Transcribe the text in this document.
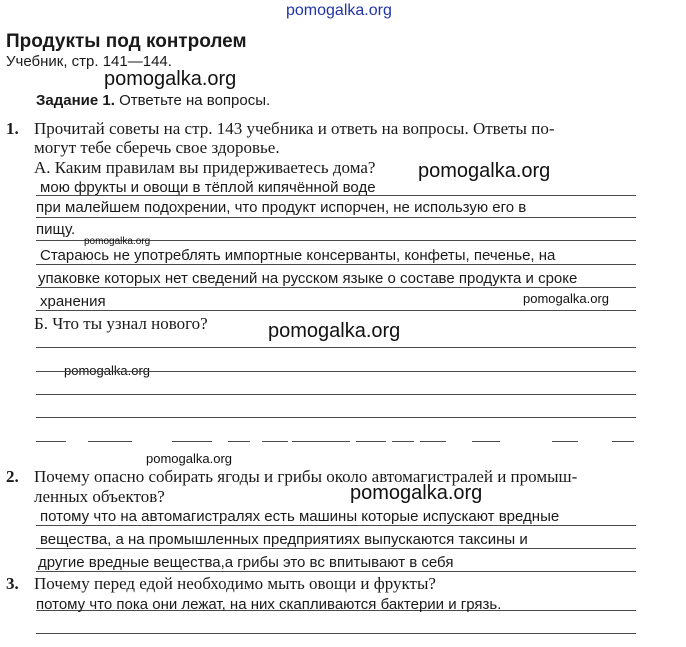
pomogalka.org
Продукты под контролем
Учебник, стр. 141—144.
pomogalka.org
Задание 1. Ответьте на вопросы.
1. Прочитай советы на стр. 143 учебника и ответь на вопросы. Ответы по-
могут тебе сберечь свое здоровье.
А. Каким правилам вы придерживаетесь дома? pomogalka.org
мою фрукты и овощи в тёплой кипячённой воде
при малейшем подохрении, что продукт испорчен, не использую его в
пищу.
pomogalka.org
Стараюсь не употреблять импортные консерванты, конфеты, печенье, на
упаковке которых нет сведений на русском языке о составе продукта и сроке
хранения	pomogalka.org
Б. Что ты узнал нового?	pomogalka.org
pomogalka.org
pomogalka.org
2. Почему опасно собирать ягоды и грибы около автомагистралей и промыш-
ленных объектов?	pomogalka.org
потому что на автомагистралях есть машины которые испускают вредные
вещества, а на промышленных предприятиях выпускаются таксины и
другие вредные вещества,а грибы это вс впитывают в себя
3. Почему перед едой необходимо мыть овощи и фрукты?
потому что пока они лежат, на них скапливаются бактерии и грязь.
